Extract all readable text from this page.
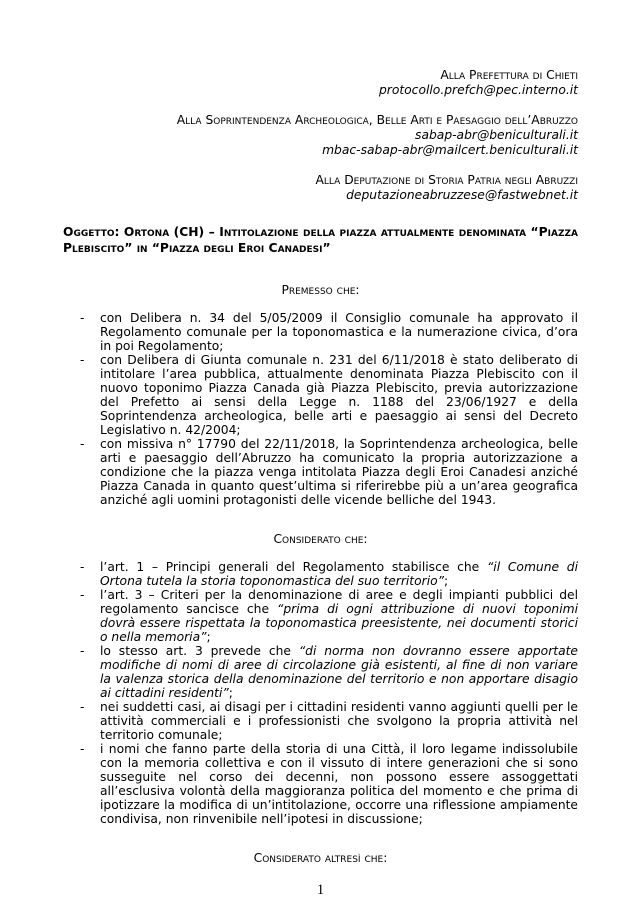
Alla Prefettura di Chieti
protocollo.prefch@pec.interno.it
Alla Soprintendenza Archeologica, Belle Arti e Paesaggio dell’Abruzzo
sabap-abr@beniculturali.it
mbac-sabap-abr@mailcert.beniculturali.it
Alla Deputazione di Storia Patria negli Abruzzi
deputazioneabruzzese@fastwebnet.it

Oggetto: Ortona (CH) – Intitolazione della piazza attualmente denominata “Piazza Plebiscito” in “Piazza degli Eroi Canadesi”

Premesso che:
- con Delibera n. 34 del 5/05/2009 il Consiglio comunale ha approvato il Regolamento comunale per la toponomastica e la numerazione civica, d’ora in poi Regolamento;
- con Delibera di Giunta comunale n. 231 del 6/11/2018 è stato deliberato di intitolare l’area pubblica, attualmente denominata Piazza Plebiscito con il nuovo toponimo Piazza Canada già Piazza Plebiscito, previa autorizzazione del Prefetto ai sensi della Legge n. 1188 del 23/06/1927 e della Soprintendenza archeologica, belle arti e paesaggio ai sensi del Decreto Legislativo n. 42/2004;
- con missiva n° 17790 del 22/11/2018, la Soprintendenza archeologica, belle arti e paesaggio dell’Abruzzo ha comunicato la propria autorizzazione a condizione che la piazza venga intitolata Piazza degli Eroi Canadesi anziché Piazza Canada in quanto quest’ultima si riferirebbe più a un’area geografica anziché agli uomini protagonisti delle vicende belliche del 1943.
Considerato che:
- l’art. 1 – Principi generali del Regolamento stabilisce che “il Comune di Ortona tutela la storia toponomastica del suo territorio”;
- l’art. 3 – Criteri per la denominazione di aree e degli impianti pubblici del regolamento sancisce che “prima di ogni attribuzione di nuovi toponimi dovrà essere rispettata la toponomastica preesistente, nei documenti storici o nella memoria”;
- lo stesso art. 3 prevede che “di norma non dovranno essere apportate modifiche di nomi di aree di circolazione già esistenti, al fine di non variare la valenza storica della denominazione del territorio e non apportare disagio ai cittadini residenti”;
- nei suddetti casi, ai disagi per i cittadini residenti vanno aggiunti quelli per le attività commerciali e i professionisti che svolgono la propria attività nel territorio comunale;
- i nomi che fanno parte della storia di una Città, il loro legame indissolubile con la memoria collettiva e con il vissuto di intere generazioni che si sono susseguite nel corso dei decenni, non possono essere assoggettati all’esclusiva volontà della maggioranza politica del momento e che prima di ipotizzare la modifica di un’intitolazione, occorre una riflessione ampiamente condivisa, non rinvenibile nell’ipotesi in discussione;
Considerato altresì che:
1
